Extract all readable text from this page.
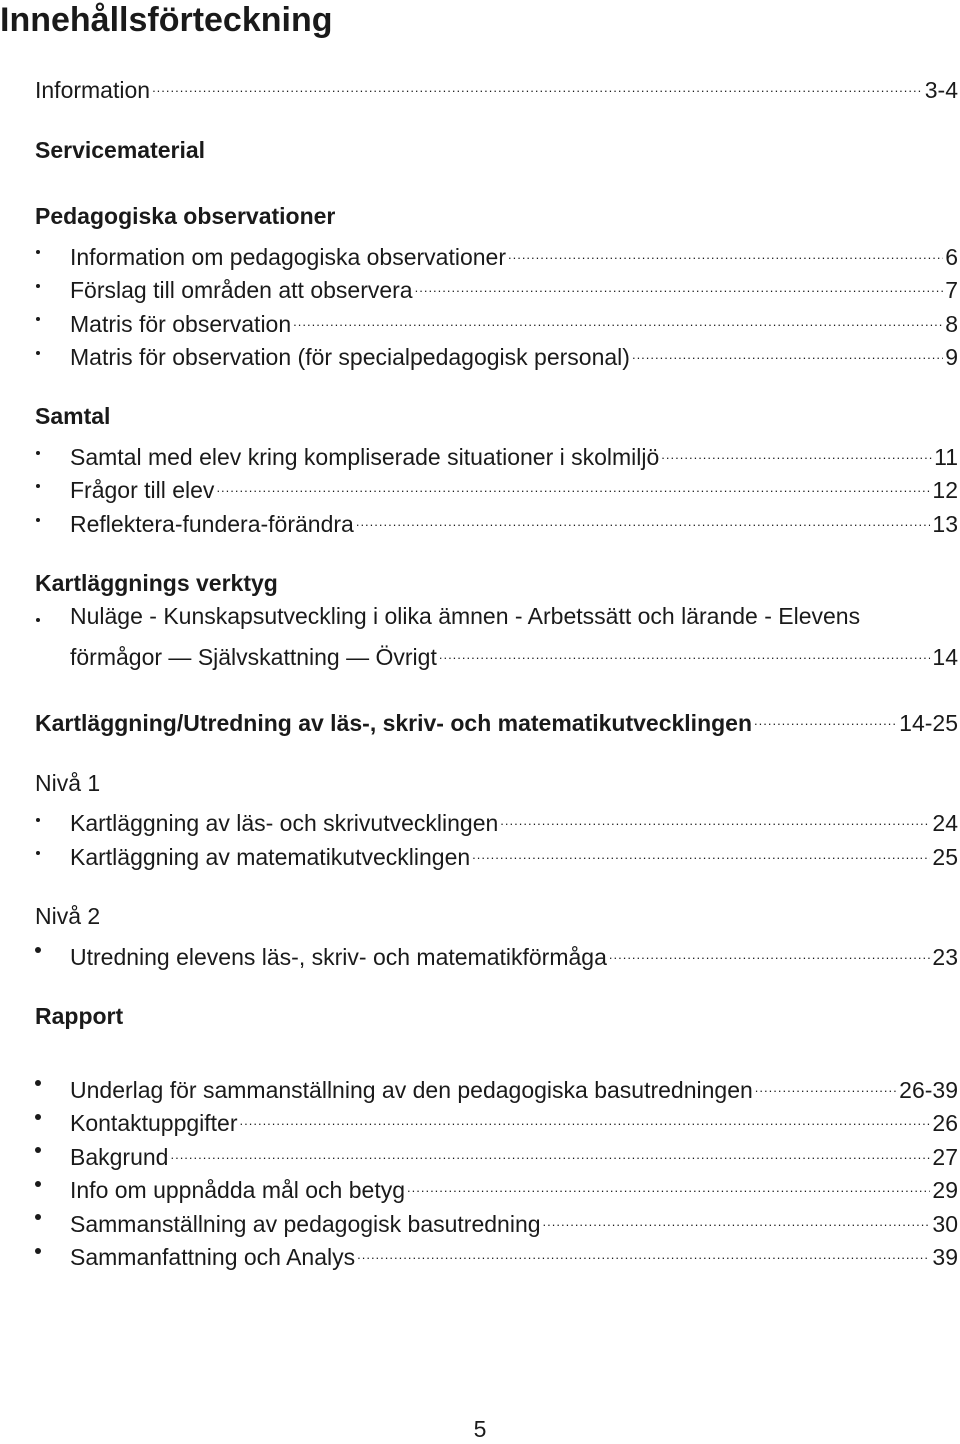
Innehållsförteckning
Information .....	3-4
Servicematerial
Pedagogiska observationer
Information om pedagogiska observationer .....	6
Förslag till områden att observera .....	7
Matris för observation .....	8
Matris för observation (för specialpedagogisk personal) .....	9
Samtal
Samtal med elev kring kompliserade situationer i skolmiljö .....	11
Frågor till elev .....	12
Reflektera-fundera-förändra .....	13
Kartläggnings verktyg
Nuläge - Kunskapsutveckling i olika ämnen - Arbetssätt och lärande - Elevens
förmågor — Självskattning — Övrigt .....	14
Kartläggning/Utredning av läs-, skriv- och matematikutvecklingen .....	14-25
Nivå 1
Kartläggning av läs- och skrivutvecklingen .....	24
Kartläggning av matematikutvecklingen .....	25
Nivå 2
Utredning elevens läs-, skriv- och matematikförmåga .....	23
Rapport
Underlag för sammanställning av den pedagogiska basutredningen .....	26-39
Kontaktuppgifter .....	26
Bakgrund .....	27
Info om uppnådda mål och betyg .....	29
Sammanställning av pedagogisk basutredning .....	30
Sammanfattning och Analys .....	39
5
